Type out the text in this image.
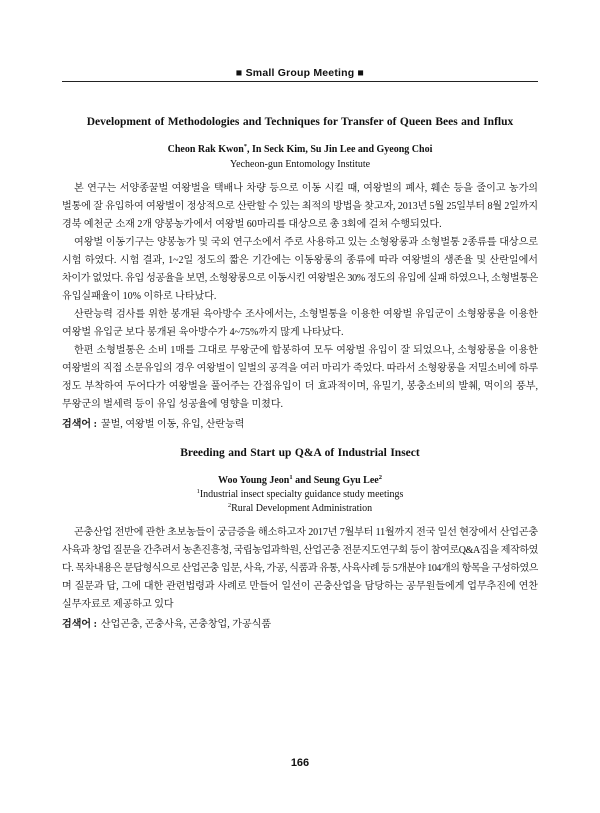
■ Small Group Meeting ■
Development of Methodologies and Techniques for Transfer of Queen Bees and Influx
Cheon Rak Kwon*, In Seck Kim, Su Jin Lee and Gyeong Choi
Yecheon-gun Entomology Institute
본 연구는 서양종꿀벌 여왕벌을 택배나 차량 등으로 이동 시킬 때, 여왕벌의 폐사, 훼손 등을 줄이고 농가의
벌통에 잘 유입하여 여왕벌이 정상적으로 산란할 수 있는 최적의 방법을 찾고자, 2013년 5월 25일부터 8월 2일까지
경북 예천군 소재 2개 양봉농가에서 여왕벌 60마리를 대상으로 총 3회에 걸쳐 수행되었다.
여왕벌 이동기구는 양봉농가 및 국외 연구소에서 주로 사용하고 있는 소형왕롱과 소형벌통 2종류를 대상으로
시험 하였다. 시험 결과, 1~2일 정도의 짧은 기간에는 이동왕롱의 종류에 따라 여왕벌의 생존율 및 산란일에서
차이가 없었다. 유입 성공율을 보면, 소형왕롱으로 이동시킨 여왕벌은 30% 정도의 유입에 실패 하였으나, 소형벌통은
유입실패율이 10% 이하로 나타났다.
산란능력 검사를 위한 봉개된 육아방수 조사에서는, 소형벌통을 이용한 여왕벌 유입군이 소형왕롱을 이용한
여왕벌 유입군 보다 봉개된 육아방수가 4~75%까지 많게 나타났다.
한편 소형벌통은 소비 1매를 그대로 무왕군에 합봉하여 모두 여왕벌 유입이 잘 되었으나, 소형왕롱을 이용한
여왕벌의 직접 소문유입의 경우 여왕벌이 일벌의 공격을 여러 마리가 죽었다. 따라서 소형왕롱을 저밀소비에 하루
정도 부착하여 두어다가 여왕벌을 풀어주는 간접유입이 더 효과적이며, 유밀기, 봉충소비의 발췌, 먹이의 풍부,
무왕군의 벌세력 등이 유입 성공율에 영향을 미쳤다.
검색어 : 꿀벌, 여왕벌 이동, 유입, 산란능력
Breeding and Start up Q&A of Industrial Insect
Woo Young Jeon$^1$ and Seung Gyu Lee$^2$
$^1$Industrial insect specialty guidance study meetings
$^2$Rural Development Administration
곤충산업 전반에 관한 초보농들이 궁금증을 해소하고자 2017년 7월부터 11월까지 전국 일선 현장에서 산업곤충
사육과 창업 질문을 간추려서 농촌진흥청, 국립농업과학원, 산업곤충 전문지도연구회 등이 참여로Q&A집을 제작하였
다. 목차내용은 문답형식으로 산업곤충 입문, 사육, 가공, 식품과 유통, 사육사례 등 5개분야 104개의 항목을 구성하였으
며 질문과 답, 그에 대한 관련법령과 사례로 만들어 일선이 곤충산업을 담당하는 공무원들에게 업무추진에 연찬
실무자료로 제공하고 있다
검색어 : 산업곤충, 곤충사육, 곤충창업, 가공식품
166
